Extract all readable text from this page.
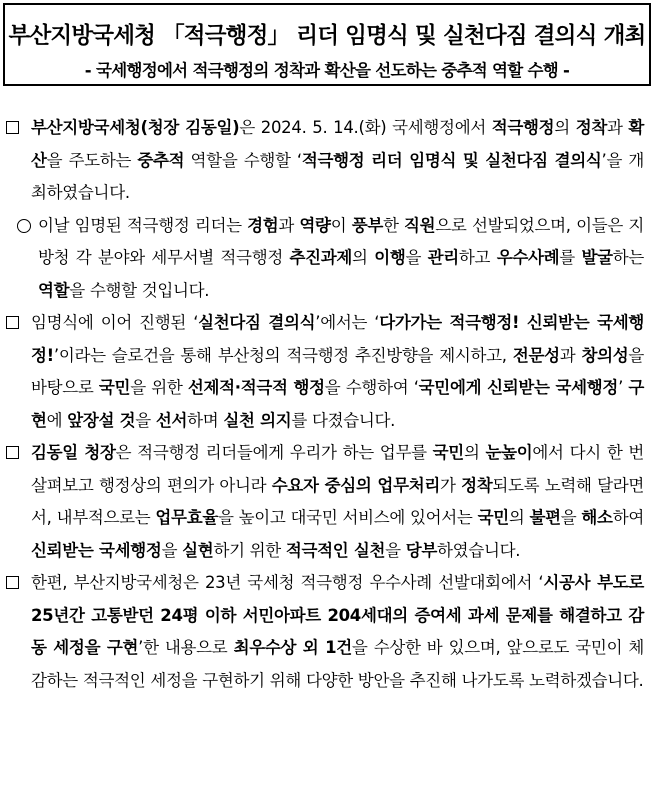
부산지방국세청 「적극행정」 리더 임명식 및 실천다짐 결의식 개최
- 국세행정에서 적극행정의 정착과 확산을 선도하는 중추적 역할 수행 -
부산지방국세청(청장 김동일)은 2024. 5. 14.(화) 국세행정에서 적극행정의 정착과 확산을 주도하는 중추적 역할을 수행할 ‘적극행정 리더 임명식 및 실천다짐 결의식’을 개최하였습니다.
이날 임명된 적극행정 리더는 경험과 역량이 풍부한 직원으로 선발되었으며, 이들은 지방청 각 분야와 세무서별 적극행정 추진과제의 이행을 관리하고 우수사례를 발굴하는 역할을 수행할 것입니다.
임명식에 이어 진행된 ‘실천다짐 결의식’에서는 ‘다가가는 적극행정! 신뢰받는 국세행정!’이라는 슬로건을 통해 부산청의 적극행정 추진방향을 제시하고, 전문성과 창의성을 바탕으로 국민을 위한 선제적·적극적 행정을 수행하여 ‘국민에게 신뢰받는 국세행정’ 구현에 앞장설 것을 선서하며 실천 의지를 다졌습니다.
김동일 청장은 적극행정 리더들에게 우리가 하는 업무를 국민의 눈높이에서 다시 한 번 살펴보고 행정상의 편의가 아니라 수요자 중심의 업무처리가 정착되도록 노력해 달라면서, 내부적으로는 업무효율을 높이고 대국민 서비스에 있어서는 국민의 불편을 해소하여 신뢰받는 국세행정을 실현하기 위한 적극적인 실천을 당부하였습니다.
한편, 부산지방국세청은 23년 국세청 적극행정 우수사례 선발대회에서 ‘시공사 부도로 25년간 고통받던 24평 이하 서민아파트 204세대의 증여세 과세 문제를 해결하고 감동 세정을 구현’한 내용으로 최우수상 외 1건을 수상한 바 있으며, 앞으로도 국민이 체감하는 적극적인 세정을 구현하기 위해 다양한 방안을 추진해 나가도록 노력하겠습니다.
